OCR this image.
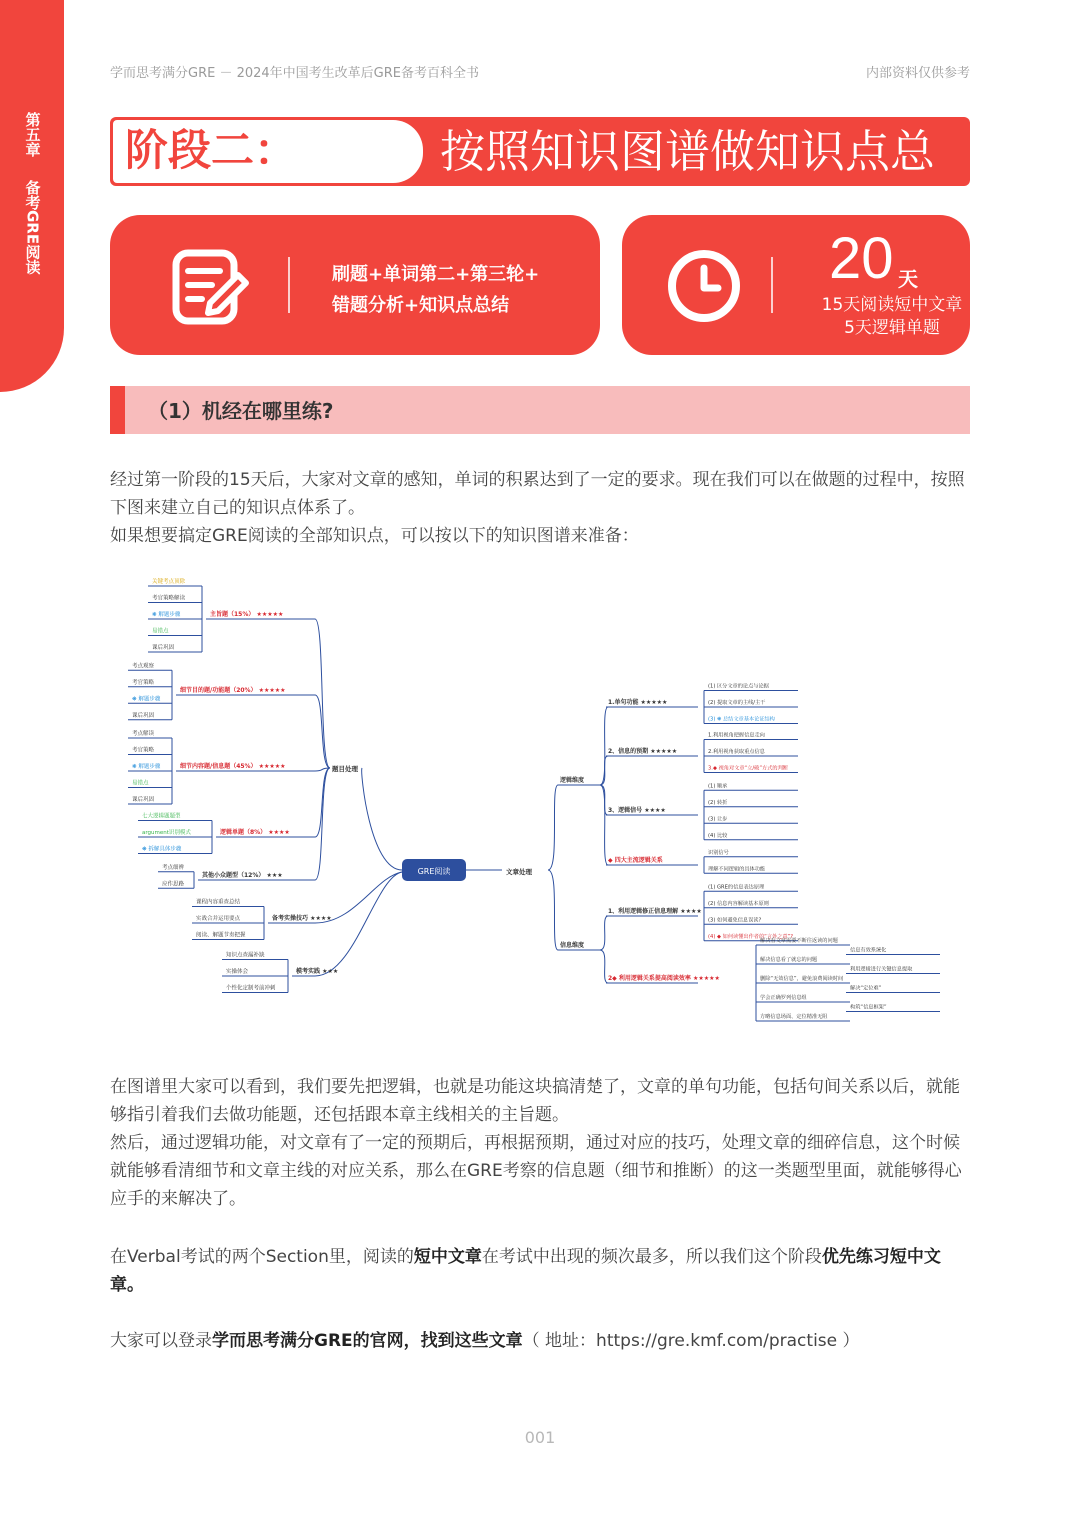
第五章
备考GRE阅读
学而思考满分GRE － 2024年中国考生改革后GRE备考百科全书	内部资料仅供参考
阶段二：	按照知识图谱做知识点总
刷题+单词第二+第三轮+
错题分析+知识点总结
20 天
15天阅读短中文章
5天逻辑单题
（1）机经在哪里练?

经过第一阶段的15天后，大家对文章的感知，单词的积累达到了一定的要求。现在我们可以在做题的过程中，按照下图来建立自己的知识点体系了。

如果想要搞定GRE阅读的全部知识点，可以按以下的知识图谱来准备：

GRE阅读
题目处理
文章处理
主旨题（15%） ★★★★★
关键考点顶除
考官策略解读
❋ 解题步骤
易错点
课后巩固
细节目的题/功能题（20%） ★★★★★
考点观察
考官策略
❋ 解题步骤
课后巩固
细节内容题/信息题（45%） ★★★★★
考点解读
考官策略
❋ 解题步骤
易错点
课后巩固
逻辑单题（8%） ★★★★
七大逻辑题题型
argument识别模式
❋ 拆解具体步骤
其他小众题型（12%） ★★★
考点细辨
应作思路
备考实操技巧 ★★★★
课程内容重查总结
实战合并运用要点
阅读、解题节奏把握
模考实践 ★★★
知识点查漏补缺
实操体会
个性化定制考前冲刺
逻辑维度
1.单句功能 ★★★★★
(1) 区分文章的论点与论据
(2) 提取文章的主线/主干
(3) ❋ 总结文章基本论证结构
2、信息的预期 ★★★★★
1.利用视角把握信息走向
2.利用视角获取重点信息
3.◆ 视角对文章“立/破”方式的判断
3、逻辑信号 ★★★★
(1) 顺承
(2) 转折
(3) 让步
(4) 比较
◆ 四大主流逻辑关系
识别信号
理解不同逻辑的具体功能
信息维度
1、利用逻辑修正信息理解 ★★★★
(1) GRE的信息表达原理
(2) 信息内容解读基本原则
(3) 如何避免信息误读?
(4) ◆ 如何读懂出作者的“言外之意”?
2◆ 利用逻辑关系提高阅读效率 ★★★★★
解决看文章需要不断往返读的问题
信息有效系统化
解决信息看了就忘的问题
利用逻辑进行关键信息提取
删除“无效信息”，避免浪费阅读时间
解决“定位难”
学会正确罗列信息组
构筑“信息框架”
方略信息场面、定位精准无阻

在图谱里大家可以看到，我们要先把逻辑，也就是功能这块搞清楚了，文章的单句功能，包括句间关系以后，就能够指引着我们去做功能题，还包括跟本章主线相关的主旨题。

然后，通过逻辑功能，对文章有了一定的预期后，再根据预期，通过对应的技巧，处理文章的细碎信息，这个时候就能够看清细节和文章主线的对应关系，那么在GRE考察的信息题（细节和推断）的这一类题型里面，就能够得心应手的来解决了。

在Verbal考试的两个Section里，阅读的短中文章在考试中出现的频次最多，所以我们这个阶段优先练习短中文章。

大家可以登录学而思考满分GRE的官网，找到这些文章（ 地址：https://gre.kmf.com/practise ）

001
